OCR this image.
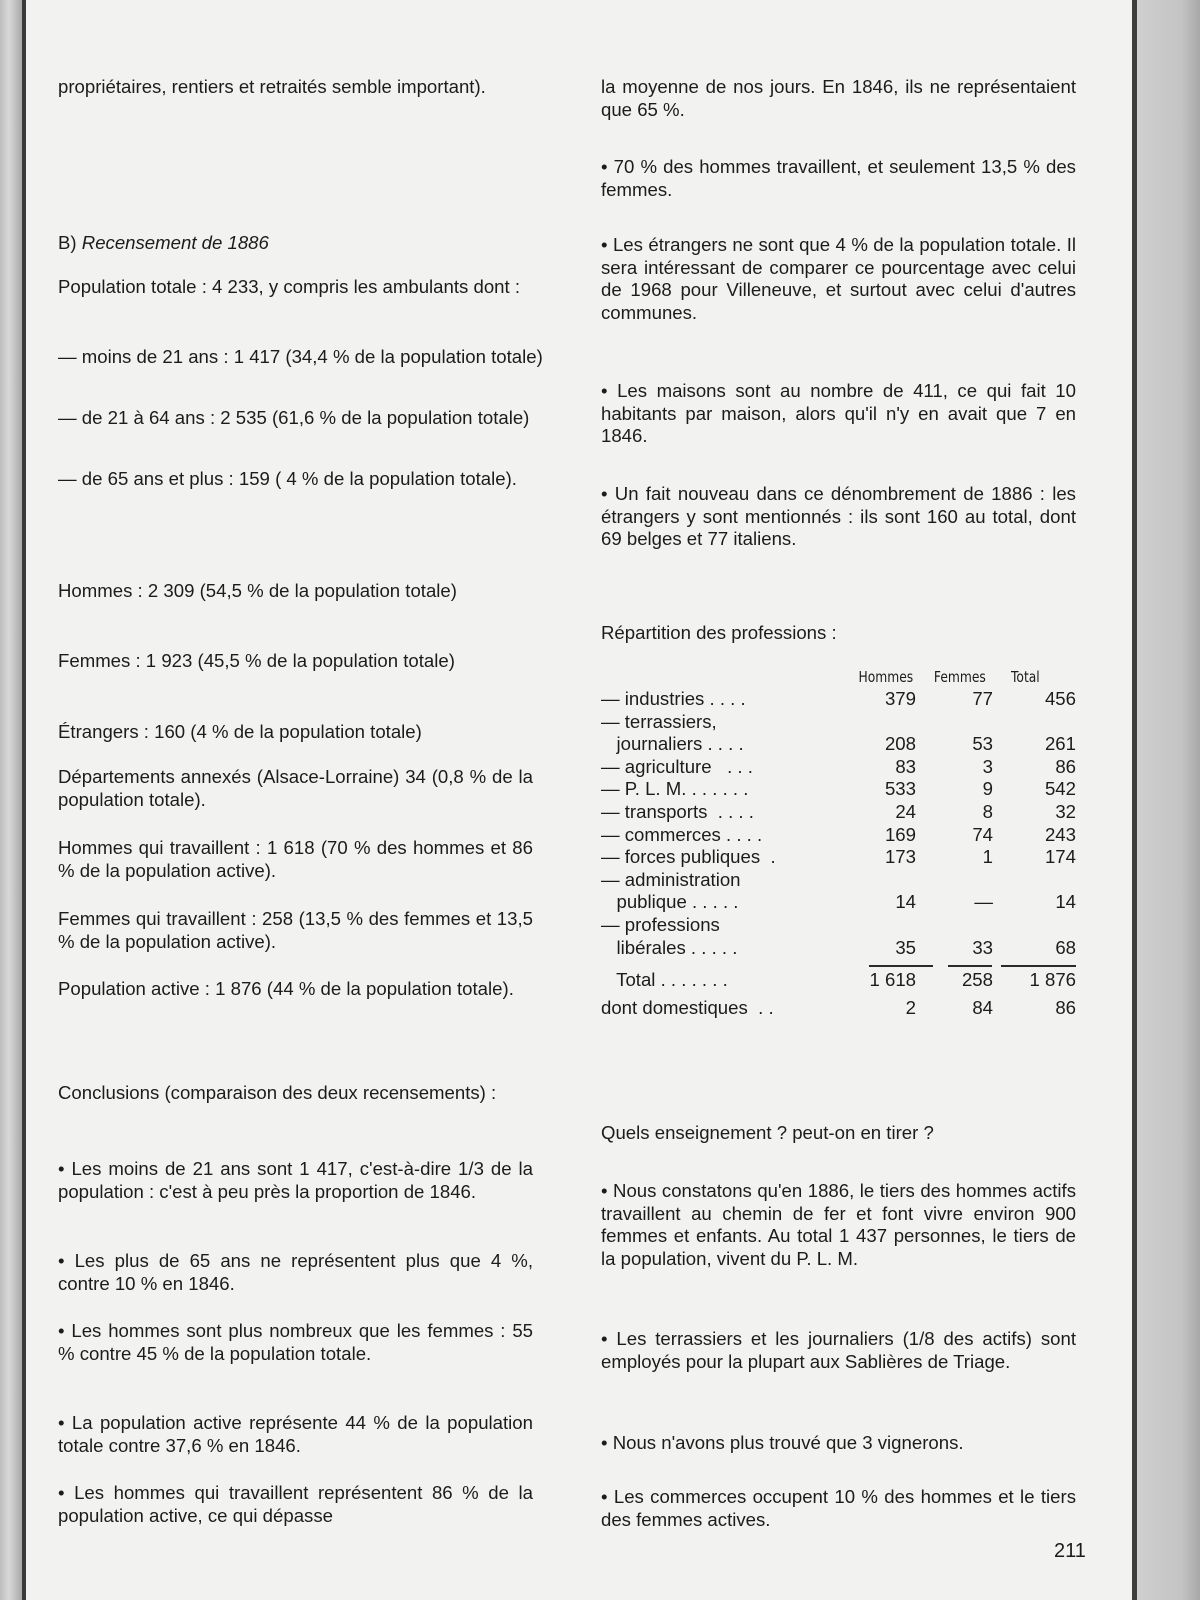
propriétaires, rentiers et retraités semble important).

B) Recensement de 1886

Population totale : 4 233, y compris les ambulants dont :

— moins de 21 ans : 1 417 (34,4 % de la population totale)

— de 21 à 64 ans : 2 535 (61,6 % de la population totale)

— de 65 ans et plus : 159 ( 4 % de la population totale).

Hommes : 2 309 (54,5 % de la population totale)

Femmes : 1 923 (45,5 % de la population totale)

Étrangers : 160 (4 % de la population totale)

Départements annexés (Alsace-Lorraine) 34 (0,8 % de la population totale).

Hommes qui travaillent : 1 618 (70 % des hommes et 86 % de la population active).

Femmes qui travaillent : 258 (13,5 % des femmes et 13,5 % de la population active).

Population active : 1 876 (44 % de la population totale).

Conclusions (comparaison des deux recensements) :

• Les moins de 21 ans sont 1 417, c'est-à-dire 1/3 de la population : c'est à peu près la proportion de 1846.

• Les plus de 65 ans ne représentent plus que 4 %, contre 10 % en 1846.

• Les hommes sont plus nombreux que les femmes : 55 % contre 45 % de la population totale.

• La population active représente 44 % de la population totale contre 37,6 % en 1846.

• Les hommes qui travaillent représentent 86 % de la population active, ce qui dépasse

la moyenne de nos jours. En 1846, ils ne représentaient que 65 %.

• 70 % des hommes travaillent, et seulement 13,5 % des femmes.

• Les étrangers ne sont que 4 % de la population totale. Il sera intéressant de comparer ce pourcentage avec celui de 1968 pour Villeneuve, et surtout avec celui d'autres communes.

• Les maisons sont au nombre de 411, ce qui fait 10 habitants par maison, alors qu'il n'y en avait que 7 en 1846.

• Un fait nouveau dans ce dénombrement de 1886 : les étrangers y sont mentionnés : ils sont 160 au total, dont 69 belges et 77 italiens.

Répartition des professions :

Hommes Femmes Total
— industries . . . .	379	77	456
— terrassiers,
journaliers . . . .	208	53	261
— agriculture   . . .	83	3	86
— P. L. M. . . . . . .	533	9	542
— transports  . . . .	24	8	32
— commerces . . . .	169	74	243
— forces publiques  .	173	1	174
— administration
publique . . . . .	14	—	14
— professions
libérales . . . . .	35	33	68
Total . . . . . . .	1 618	258	1 876
dont domestiques  . .	2	84	86

Quels enseignement ? peut-on en tirer ?

• Nous constatons qu'en 1886, le tiers des hommes actifs travaillent au chemin de fer et font vivre environ 900 femmes et enfants. Au total 1 437 personnes, le tiers de la population, vivent du P. L. M.

• Les terrassiers et les journaliers (1/8 des actifs) sont employés pour la plupart aux Sablières de Triage.

• Nous n'avons plus trouvé que 3 vignerons.

• Les commerces occupent 10 % des hommes et le tiers des femmes actives.

211
